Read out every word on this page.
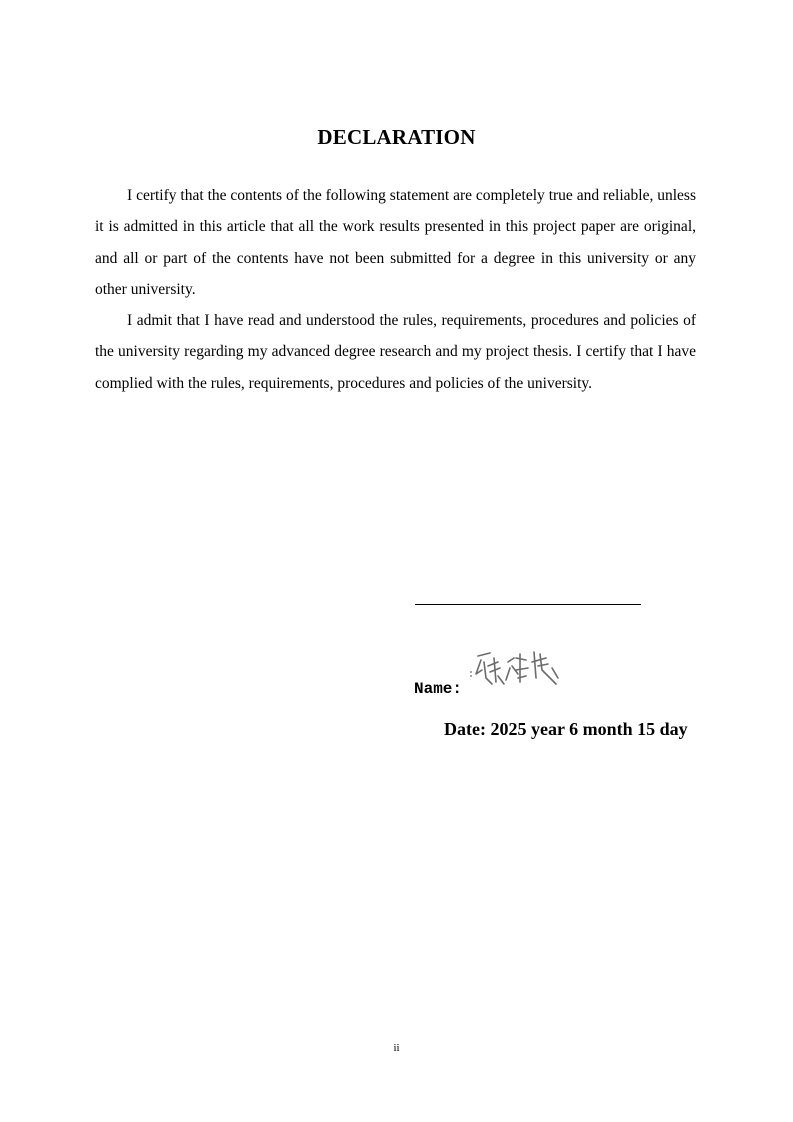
DECLARATION

I certify that the contents of the following statement are completely true and reliable, unless it is admitted in this article that all the work results presented in this project paper are original, and all or part of the contents have not been submitted for a degree in this university or any other university.

I admit that I have read and understood the rules, requirements, procedures and policies of the university regarding my advanced degree research and my project thesis. I certify that I have complied with the rules, requirements, procedures and policies of the university.

Name:
Date: 2025 year 6 month 15 day
ii
